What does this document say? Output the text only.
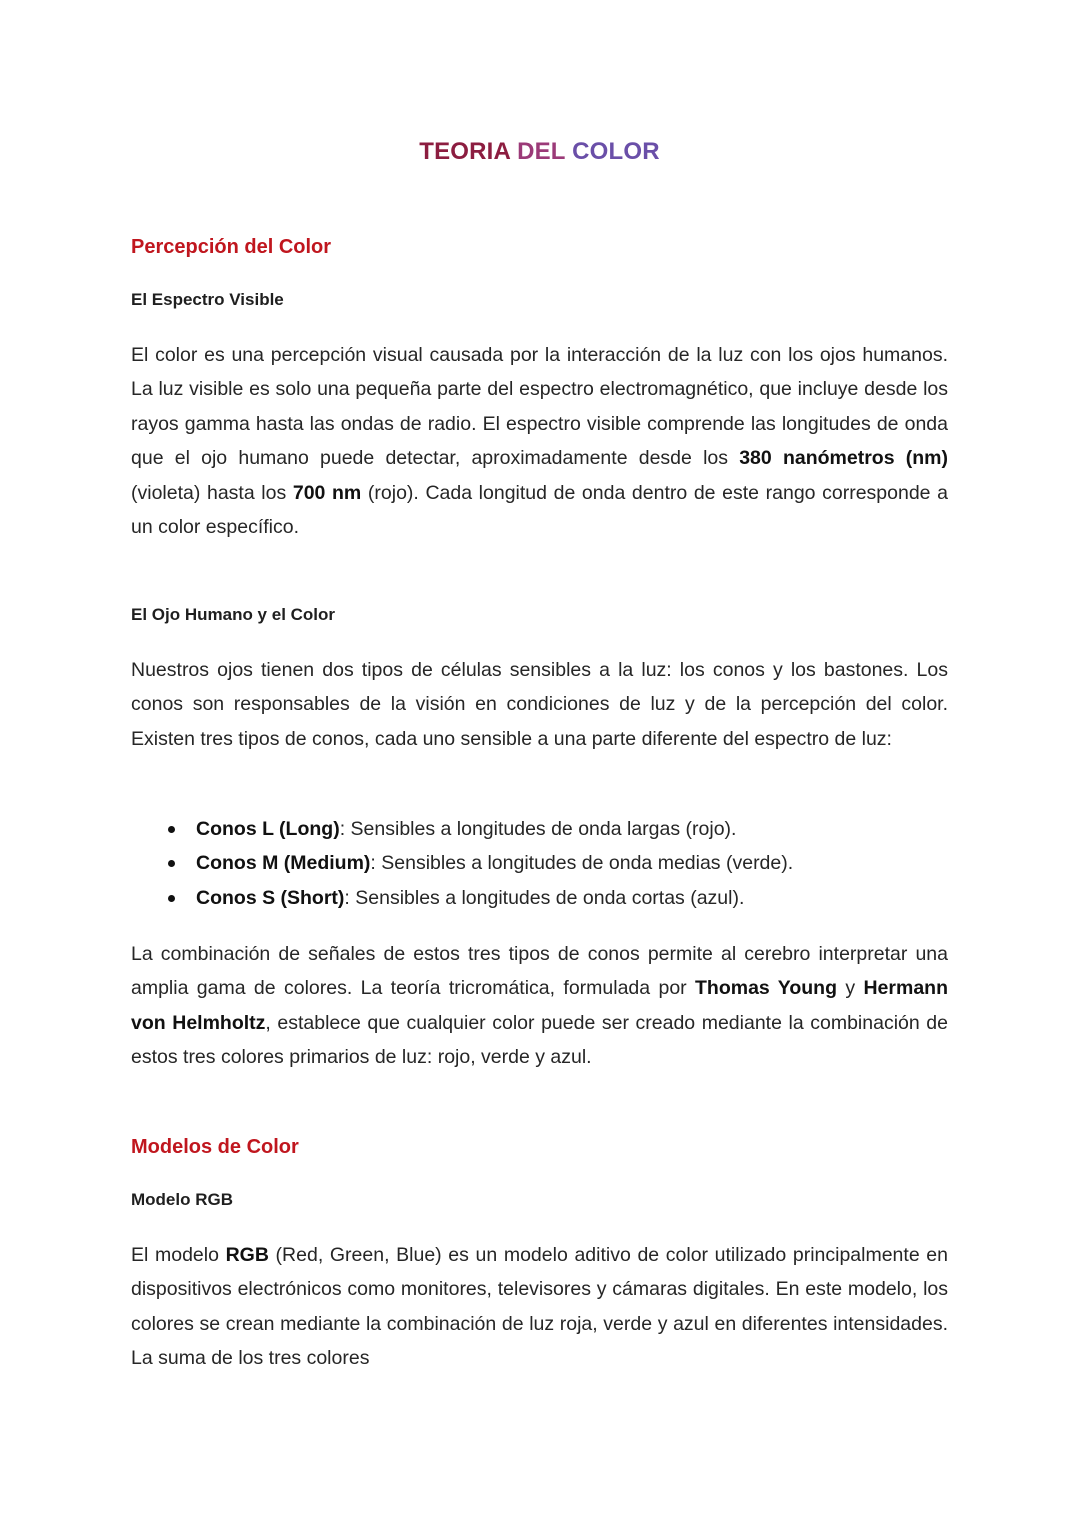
TEORIA DEL COLOR
Percepción del Color
El Espectro Visible

El color es una percepción visual causada por la interacción de la luz con los ojos humanos. La luz visible es solo una pequeña parte del espectro electromagnético, que incluye desde los rayos gamma hasta las ondas de radio. El espectro visible comprende las longitudes de onda que el ojo humano puede detectar, aproximadamente desde los 380 nanómetros (nm) (violeta) hasta los 700 nm (rojo). Cada longitud de onda dentro de este rango corresponde a un color específico.

El Ojo Humano y el Color

Nuestros ojos tienen dos tipos de células sensibles a la luz: los conos y los bastones. Los conos son responsables de la visión en condiciones de luz y de la percepción del color. Existen tres tipos de conos, cada uno sensible a una parte diferente del espectro de luz:

Conos L (Long): Sensibles a longitudes de onda largas (rojo).
Conos M (Medium): Sensibles a longitudes de onda medias (verde).
Conos S (Short): Sensibles a longitudes de onda cortas (azul).

La combinación de señales de estos tres tipos de conos permite al cerebro interpretar una amplia gama de colores. La teoría tricromática, formulada por Thomas Young y Hermann von Helmholtz, establece que cualquier color puede ser creado mediante la combinación de estos tres colores primarios de luz: rojo, verde y azul.

Modelos de Color
Modelo RGB

El modelo RGB (Red, Green, Blue) es un modelo aditivo de color utilizado principalmente en dispositivos electrónicos como monitores, televisores y cámaras digitales. En este modelo, los colores se crean mediante la combinación de luz roja, verde y azul en diferentes intensidades. La suma de los tres colores
